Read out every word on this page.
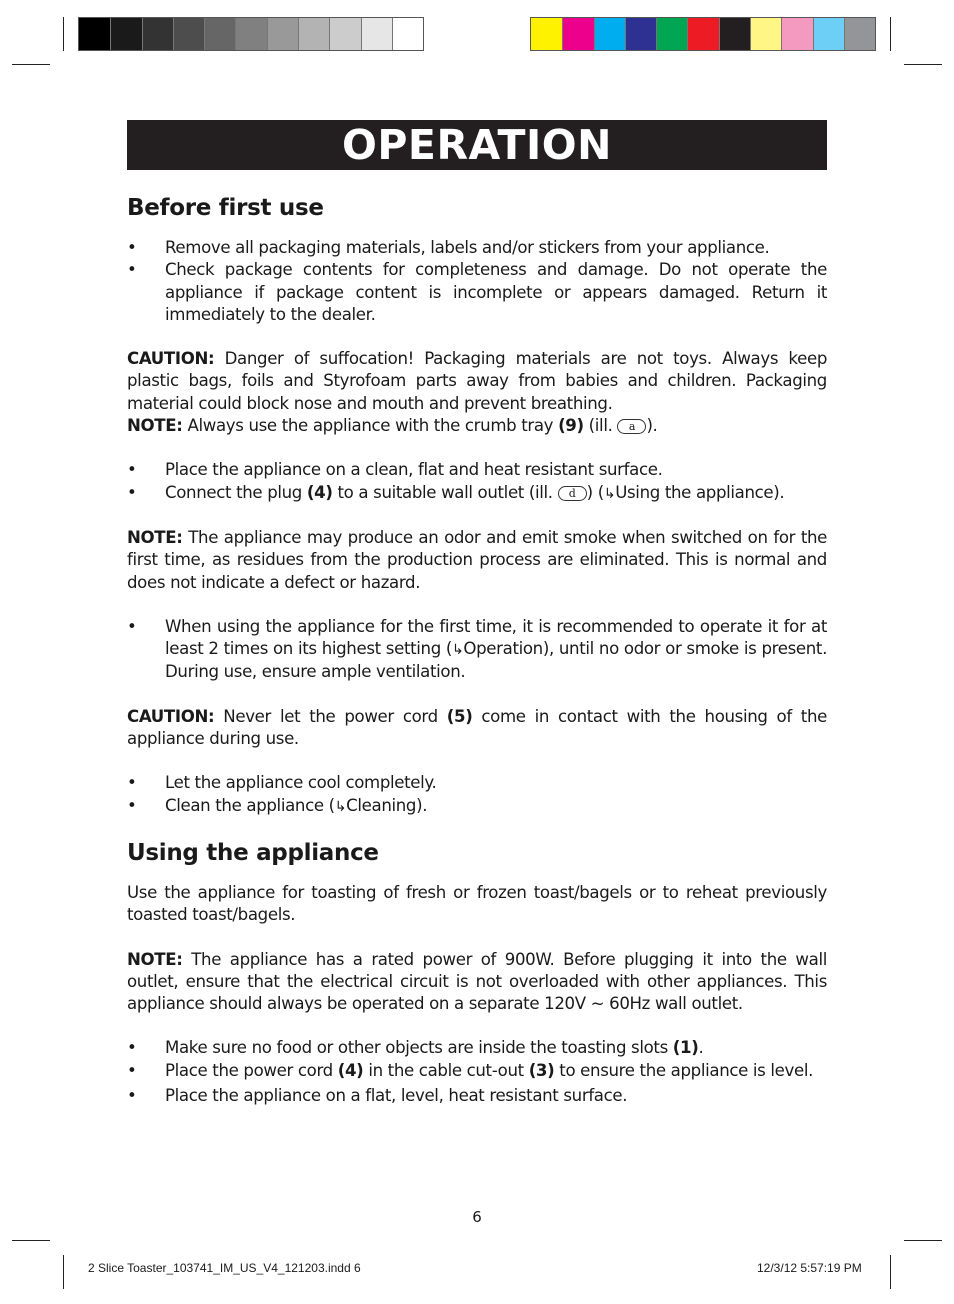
OPERATION
Before first use
• Remove all packaging materials, labels and/or stickers from your appliance.
• Check package contents for completeness and damage. Do not operate the appliance if package content is incomplete or appears damaged. Return it immediately to the dealer.

CAUTION: Danger of suffocation! Packaging materials are not toys. Always keep plastic bags, foils and Styrofoam parts away from babies and children. Packaging material could block nose and mouth and prevent breathing.

NOTE: Always use the appliance with the crumb tray (9) (ill. a ).

• Place the appliance on a clean, flat and heat resistant surface.
• Connect the plug (4) to a suitable wall outlet (ill. d ) (↳Using the appliance).

NOTE: The appliance may produce an odor and emit smoke when switched on for the first time, as residues from the production process are eliminated. This is normal and does not indicate a defect or hazard.

• When using the appliance for the first time, it is recommended to operate it for at least 2 times on its highest setting (↳Operation), until no odor or smoke is present. During use, ensure ample ventilation.

CAUTION: Never let the power cord (5) come in contact with the housing of the appliance during use.

• Let the appliance cool completely.
• Clean the appliance (↳Cleaning).
Using the appliance

Use the appliance for toasting of fresh or frozen toast/bagels or to reheat previously toasted toast/bagels.

NOTE: The appliance has a rated power of 900W. Before plugging it into the wall outlet, ensure that the electrical circuit is not overloaded with other appliances. This appliance should always be operated on a separate 120V ~ 60Hz wall outlet.

• Make sure no food or other objects are inside the toasting slots (1).
• Place the power cord (4) in the cable cut-out (3) to ensure the appliance is level.
• Place the appliance on a flat, level, heat resistant surface.
6
2 Slice Toaster_103741_IM_US_V4_121203.indd 6	12/3/12 5:57:19 PM
